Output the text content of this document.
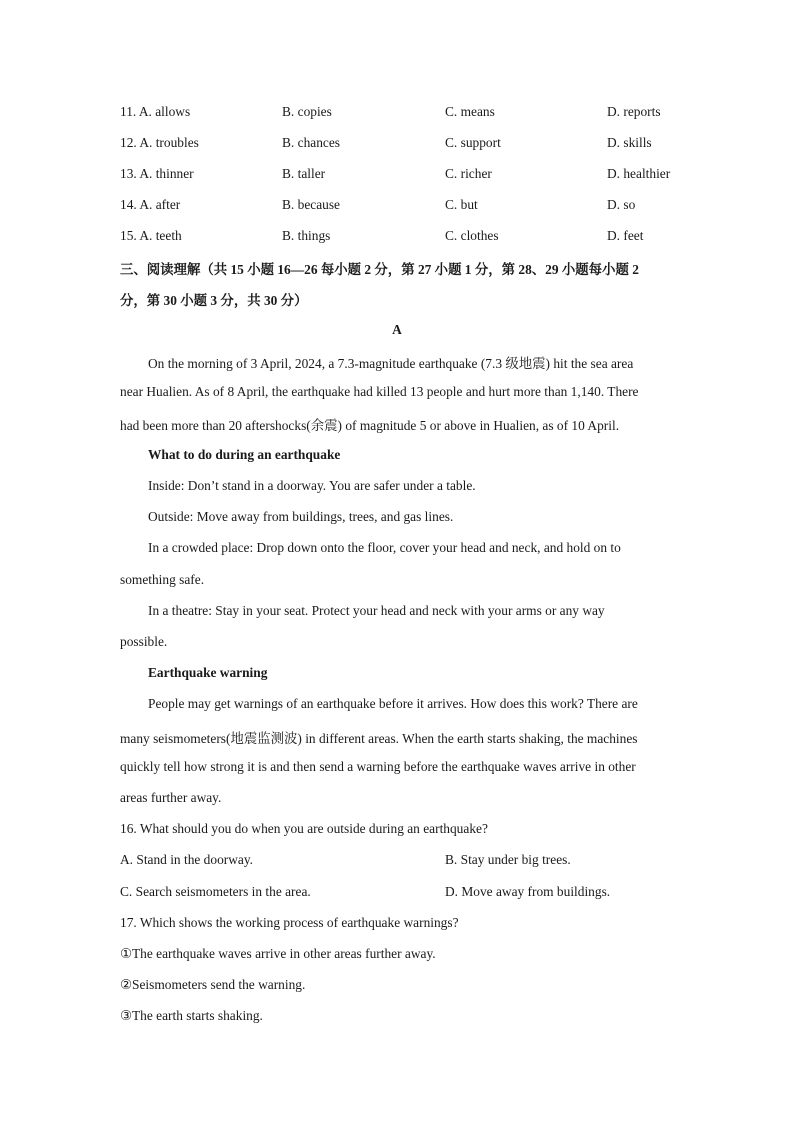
11. A. allows	B. copies	C. means	D. reports
12. A. troubles	B. chances	C. support	D. skills
13. A. thinner	B. taller	C. richer	D. healthier
14. A. after	B. because	C. but	D. so
15. A. teeth	B. things	C. clothes	D. feet
三、阅读理解（共 15 小题 16—26 每小题 2 分，第 27 小题 1 分，第 28、29 小题每小题 2
分，第 30 小题 3 分，共 30 分）
A
On the morning of 3 April, 2024, a 7.3-magnitude earthquake (7.3 级地震) hit the sea area
near Hualien. As of 8 April, the earthquake had killed 13 people and hurt more than 1,140. There
had been more than 20 aftershocks(余震) of magnitude 5 or above in Hualien, as of 10 April.
What to do during an earthquake
Inside: Don’t stand in a doorway. You are safer under a table.
Outside: Move away from buildings, trees, and gas lines.
In a crowded place: Drop down onto the floor, cover your head and neck, and hold on to
something safe.
In a theatre: Stay in your seat. Protect your head and neck with your arms or any way
possible.
Earthquake warning
People may get warnings of an earthquake before it arrives. How does this work? There are
many seismometers(地震监测波) in different areas. When the earth starts shaking, the machines
quickly tell how strong it is and then send a warning before the earthquake waves arrive in other
areas further away.
16. What should you do when you are outside during an earthquake?
A. Stand in the doorway.	B. Stay under big trees.
C. Search seismometers in the area.	D. Move away from buildings.
17. Which shows the working process of earthquake warnings?
①The earthquake waves arrive in other areas further away.
②Seismometers send the warning.
③The earth starts shaking.
